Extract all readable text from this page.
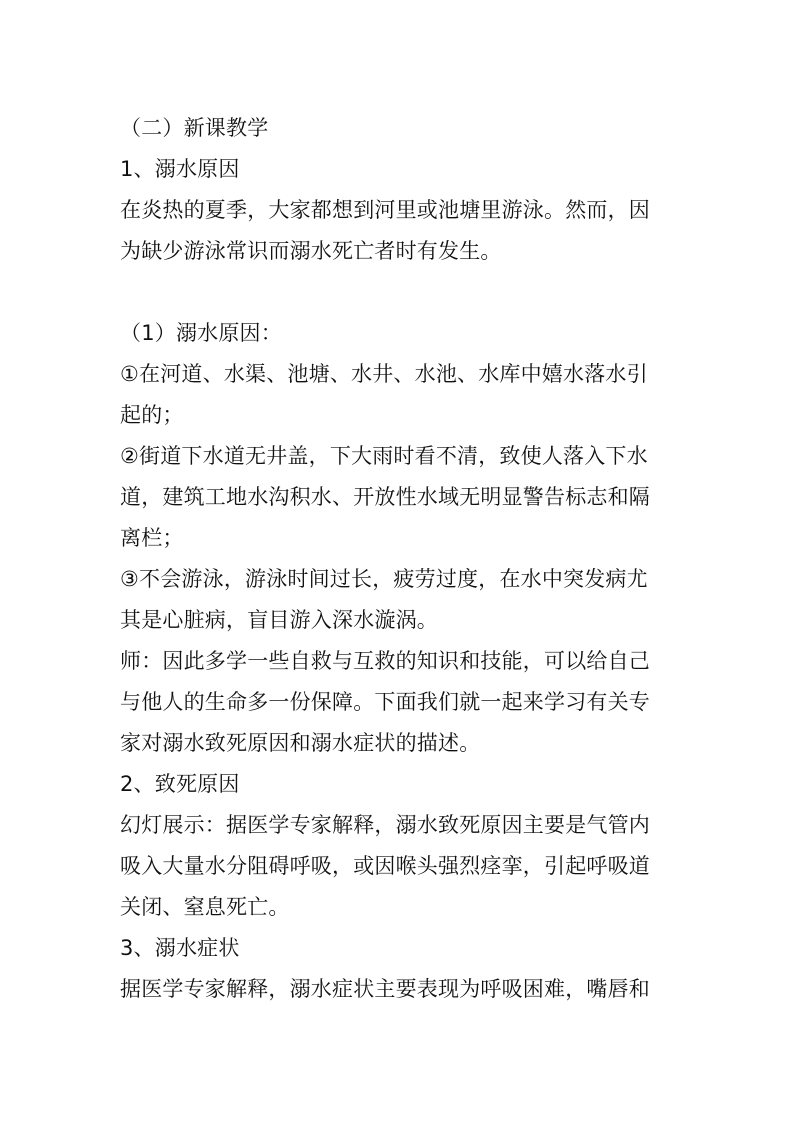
（二）新课教学
1、溺水原因
在炎热的夏季，大家都想到河里或池塘里游泳。然而，因
为缺少游泳常识而溺水死亡者时有发生。
（1）溺水原因：
①在河道、水渠、池塘、水井、水池、水库中嬉水落水引
起的；
②街道下水道无井盖，下大雨时看不清，致使人落入下水
道，建筑工地水沟积水、开放性水域无明显警告标志和隔
离栏；
③不会游泳，游泳时间过长，疲劳过度，在水中突发病尤
其是心脏病，盲目游入深水漩涡。
师：因此多学一些自救与互救的知识和技能，可以给自己
与他人的生命多一份保障。下面我们就一起来学习有关专
家对溺水致死原因和溺水症状的描述。
2、致死原因
幻灯展示：据医学专家解释，溺水致死原因主要是气管内
吸入大量水分阻碍呼吸，或因喉头强烈痉挛，引起呼吸道
关闭、窒息死亡。
3、溺水症状
据医学专家解释，溺水症状主要表现为呼吸困难，嘴唇和
